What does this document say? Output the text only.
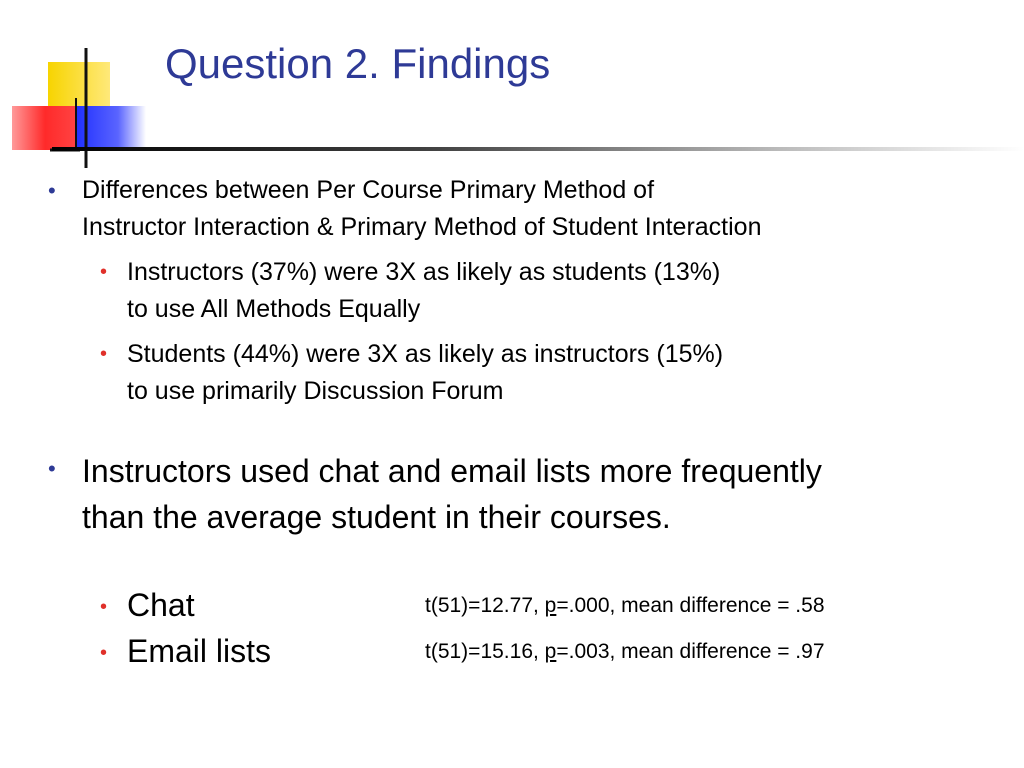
Question 2. Findings
• Differences between Per Course Primary Method of
Instructor Interaction & Primary Method of Student Interaction
• Instructors (37%) were 3X as likely as students (13%)
to use All Methods Equally
• Students (44%) were 3X as likely as instructors (15%)
to use primarily Discussion Forum
• Instructors used chat and email lists more frequently
than the average student in their courses.
• Chat	t(51)=12.77, p=.000, mean difference = .58
• Email lists	t(51)=15.16, p=.003, mean difference = .97
